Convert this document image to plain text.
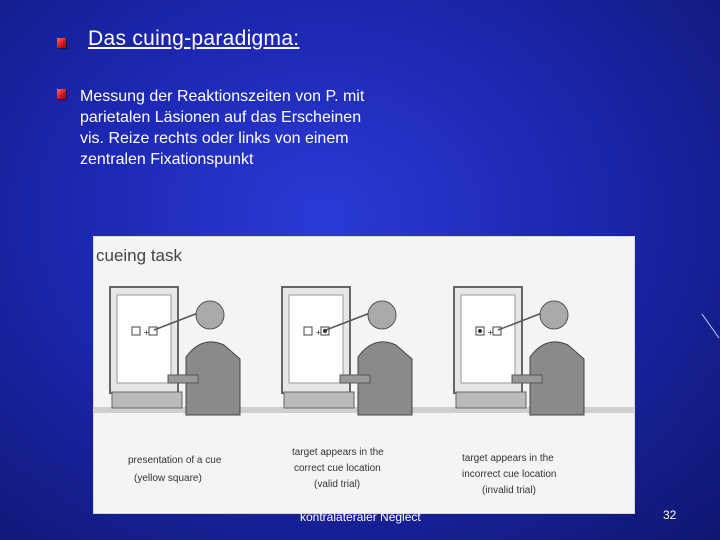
Das cuing-paradigma:

Messung der Reaktionszeiten von P. mit parietalen Läsionen auf das Erscheinen vis. Reize rechts oder links von einem zentralen Fixationspunkt

cueing task
+
presentation of a cue
(yellow square)
+
target appears in the
correct cue location
(valid trial)
+
target appears in the
incorrect cue location
(invalid trial)
kontralateraler Neglect	32
